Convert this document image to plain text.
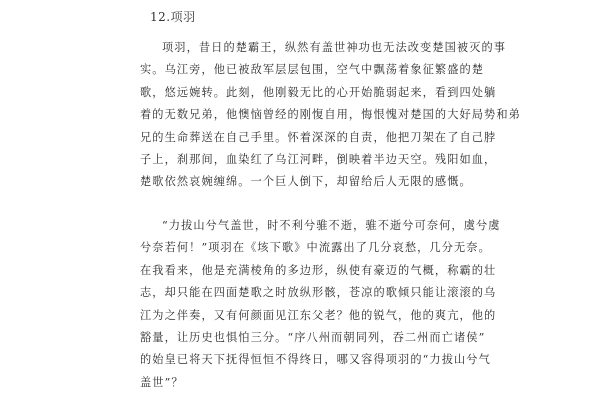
12.项羽
项羽，昔日的楚霸王，纵然有盖世神功也无法改变楚国被灭的事
实。乌江旁，他已被敌军层层包围，空气中飘荡着象征繁盛的楚
歌，悠远婉转。此刻，他刚毅无比的心开始脆弱起来，看到四处躺
着的无数兄弟，他懊恼曾经的刚愎自用，悔恨愧对楚国的大好局势和弟
兄的生命葬送在自己手里。怀着深深的自责，他把刀架在了自己脖
子上，刹那间，血染红了乌江河畔，倒映着半边天空。残阳如血，
楚歌依然哀婉缠绵。一个巨人倒下，却留给后人无限的感慨。
“力拔山兮气盖世，时不利兮骓不逝，骓不逝兮可奈何，虞兮虞
兮奈若何！”项羽在《垓下歌》中流露出了几分哀愁，几分无奈。
在我看来，他是充满棱角的多边形，纵使有豪迈的气概，称霸的壮
志，却只能在四面楚歌之时放纵形骸，苍凉的歌倾只能让滚滚的乌
江为之伴奏，又有何颜面见江东父老？他的锐气，他的爽亢，他的
豁量，让历史也惧怕三分。“序八州而朝同列，吞二州而亡诸侯”
的始皇已将天下抚得恒恒不得终日，哪又容得项羽的“力拔山兮气
盖世”？
